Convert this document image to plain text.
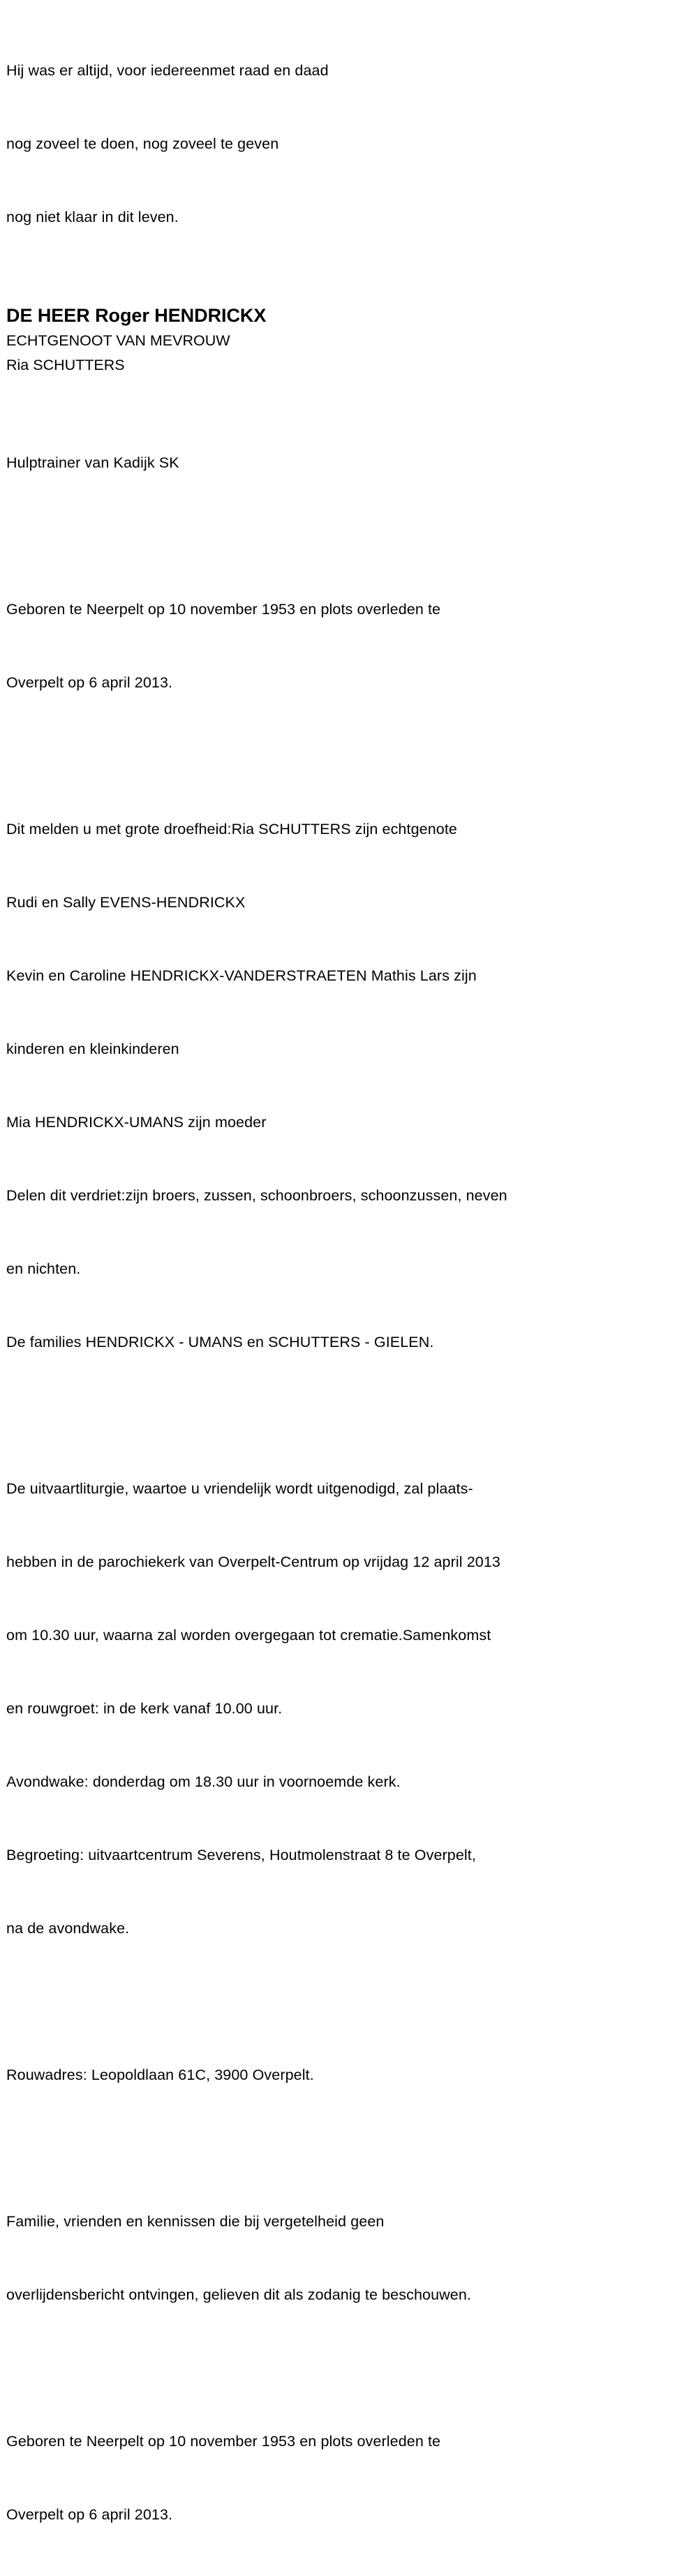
Hij was er altijd, voor iedereenmet raad en daad

nog zoveel te doen, nog zoveel te geven

nog niet klaar in dit leven.

DE HEER Roger HENDRICKX
ECHTGENOOT VAN MEVROUW
Ria SCHUTTERS

Hulptrainer van Kadijk SK

Geboren te Neerpelt op 10 november 1953 en plots overleden te

Overpelt op 6 april 2013.

Dit melden u met grote droefheid:Ria SCHUTTERS zijn echtgenote

Rudi en Sally EVENS-HENDRICKX

Kevin en Caroline HENDRICKX-VANDERSTRAETEN Mathis Lars zijn

kinderen en kleinkinderen

Mia HENDRICKX-UMANS zijn moeder

Delen dit verdriet:zijn broers, zussen, schoonbroers, schoonzussen, neven

en nichten.

De families HENDRICKX - UMANS en SCHUTTERS - GIELEN.

De uitvaartliturgie, waartoe u vriendelijk wordt uitgenodigd, zal plaats-

hebben in de parochiekerk van Overpelt-Centrum op vrijdag 12 april 2013

om 10.30 uur, waarna zal worden overgegaan tot crematie.Samenkomst

en rouwgroet: in de kerk vanaf 10.00 uur.

Avondwake: donderdag om 18.30 uur in voornoemde kerk.

Begroeting: uitvaartcentrum Severens, Houtmolenstraat 8 te Overpelt,

na de avondwake.

Rouwadres: Leopoldlaan 61C, 3900 Overpelt.

Familie, vrienden en kennissen die bij vergetelheid geen

overlijdensbericht ontvingen, gelieven dit als zodanig te beschouwen.

Geboren te Neerpelt op 10 november 1953 en plots overleden te

Overpelt op 6 april 2013.
